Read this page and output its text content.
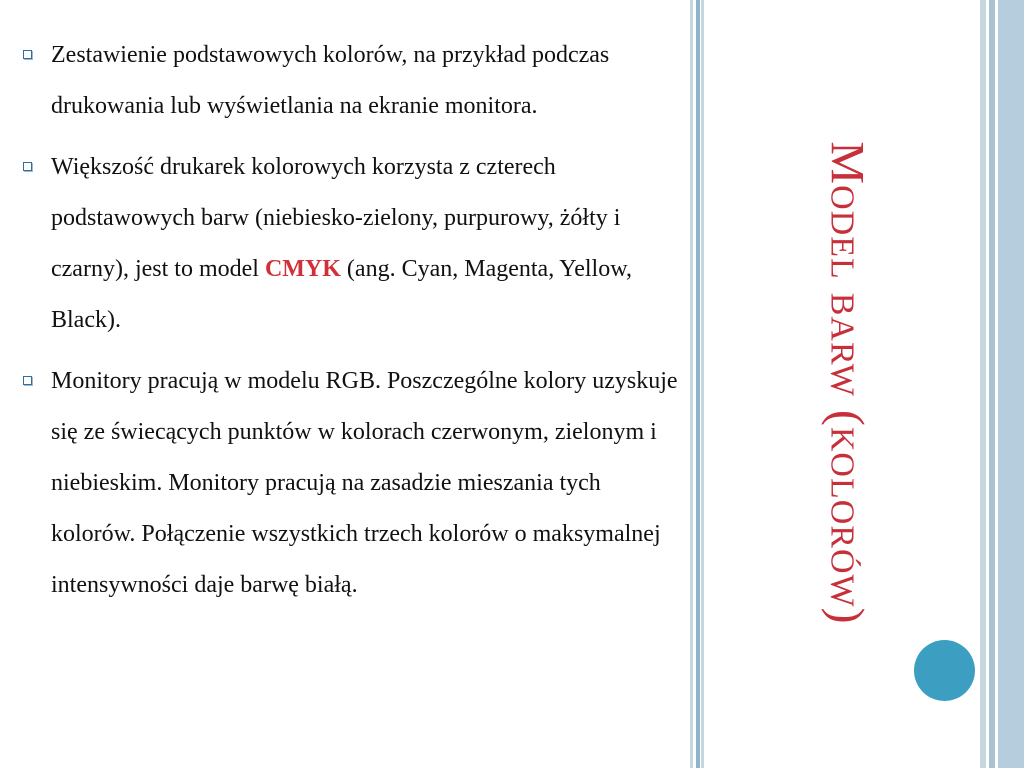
Zestawienie podstawowych kolorów, na przykład podczas drukowania lub wyświetlania na ekranie monitora.
Większość drukarek kolorowych korzysta z czterech podstawowych barw (niebiesko-zielony, purpurowy, żółty i czarny), jest to model CMYK (ang. Cyan, Magenta, Yellow, Black).
Monitory pracują w modelu RGB. Poszczególne kolory uzyskuje się ze świecących punktów w kolorach czerwonym, zielonym i niebieskim. Monitory pracują na zasadzie mieszania tych kolorów. Połączenie wszystkich trzech kolorów o maksymalnej intensywności daje barwę białą.	Model barw (kolorów)
